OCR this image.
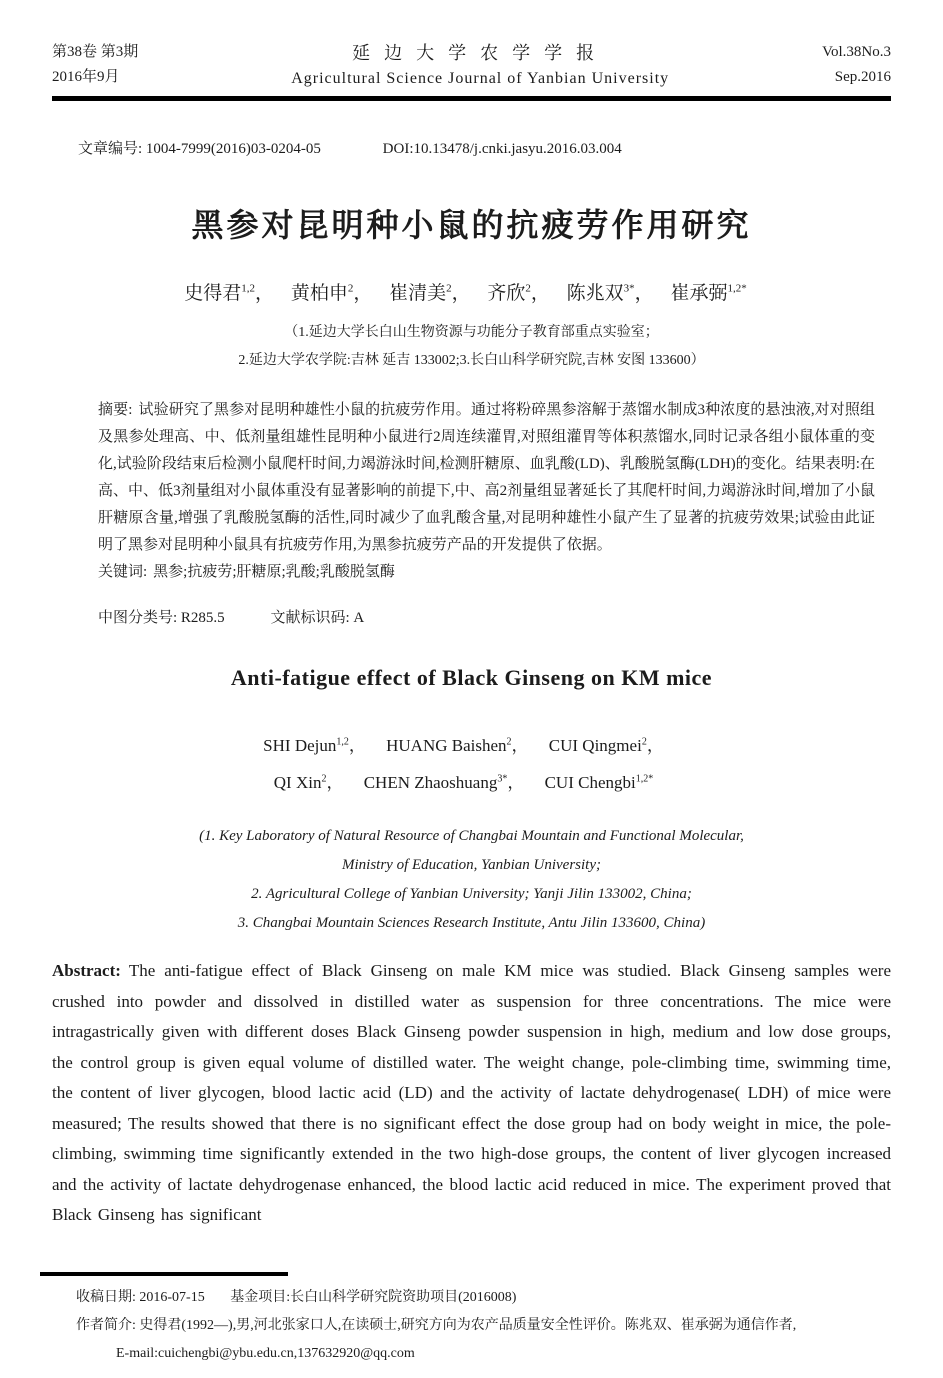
第38卷 第3期
2016年9月
延边大学农学学报
Agricultural Science Journal of Yanbian University
Vol.38No.3
Sep.2016
文章编号: 1004-7999(2016)03-0204-05	DOI:10.13478/j.cnki.jasyu.2016.03.004
黑参对昆明种小鼠的抗疲劳作用研究
史得君$^{1,2}$， 黄柏申$^2$， 崔清美$^2$， 齐欣$^2$， 陈兆双$^{3*}$， 崔承弼$^{1,2*}$
（1.延边大学长白山生物资源与功能分子教育部重点实验室；
2.延边大学农学院:吉林 延吉 133002;3.长白山科学研究院,吉林 安图 133600）
摘要: 试验研究了黑参对昆明种雄性小鼠的抗疲劳作用。通过将粉碎黑参溶解于蒸馏水制成3种浓度的悬浊液,对对照组及黑参处理高、中、低剂量组雄性昆明种小鼠进行2周连续灌胃,对照组灌胃等体积蒸馏水,同时记录各组小鼠体重的变化,试验阶段结束后检测小鼠爬杆时间,力竭游泳时间,检测肝糖原、血乳酸(LD)、乳酸脱氢酶(LDH)的变化。结果表明:在高、中、低3剂量组对小鼠体重没有显著影响的前提下,中、高2剂量组显著延长了其爬杆时间,力竭游泳时间,增加了小鼠肝糖原含量,增强了乳酸脱氢酶的活性,同时减少了血乳酸含量,对昆明种雄性小鼠产生了显著的抗疲劳效果;试验由此证明了黑参对昆明种小鼠具有抗疲劳作用,为黑参抗疲劳产品的开发提供了依据。
关键词: 黑参;抗疲劳;肝糖原;乳酸;乳酸脱氢酶
中图分类号: R285.5	文献标识码: A
Anti-fatigue effect of Black Ginseng on KM mice
SHI Dejun$^{1,2}$， HUANG Baishen$^2$， CUI Qingmei$^2$，
QI Xin$^2$， CHEN Zhaoshuang$^{3*}$， CUI Chengbi$^{1,2*}$
(1. Key Laboratory of Natural Resource of Changbai Mountain and Functional Molecular,
Ministry of Education, Yanbian University;
2. Agricultural College of Yanbian University; Yanji Jilin 133002, China;
3. Changbai Mountain Sciences Research Institute, Antu Jilin 133600, China)
Abstract: The anti-fatigue effect of Black Ginseng on male KM mice was studied. Black Ginseng samples were crushed into powder and dissolved in distilled water as suspension for three concentrations. The mice were intragastrically given with different doses Black Ginseng powder suspension in high, medium and low dose groups, the control group is given equal volume of distilled water. The weight change, pole-climbing time, swimming time, the content of liver glycogen, blood lactic acid (LD) and the activity of lactate dehydrogenase( LDH) of mice were measured; The results showed that there is no significant effect the dose group had on body weight in mice, the pole-climbing, swimming time significantly extended in the two high-dose groups, the content of liver glycogen increased and the activity of lactate dehydrogenase enhanced, the blood lactic acid reduced in mice. The experiment proved that Black Ginseng has significant
收稿日期: 2016-07-15 基金项目:长白山科学研究院资助项目(2016008)
作者简介: 史得君(1992—),男,河北张家口人,在读硕士,研究方向为农产品质量安全性评价。陈兆双、崔承弼为通信作者,
E-mail:cuichengbi@ybu.edu.cn,137632920@qq.com
